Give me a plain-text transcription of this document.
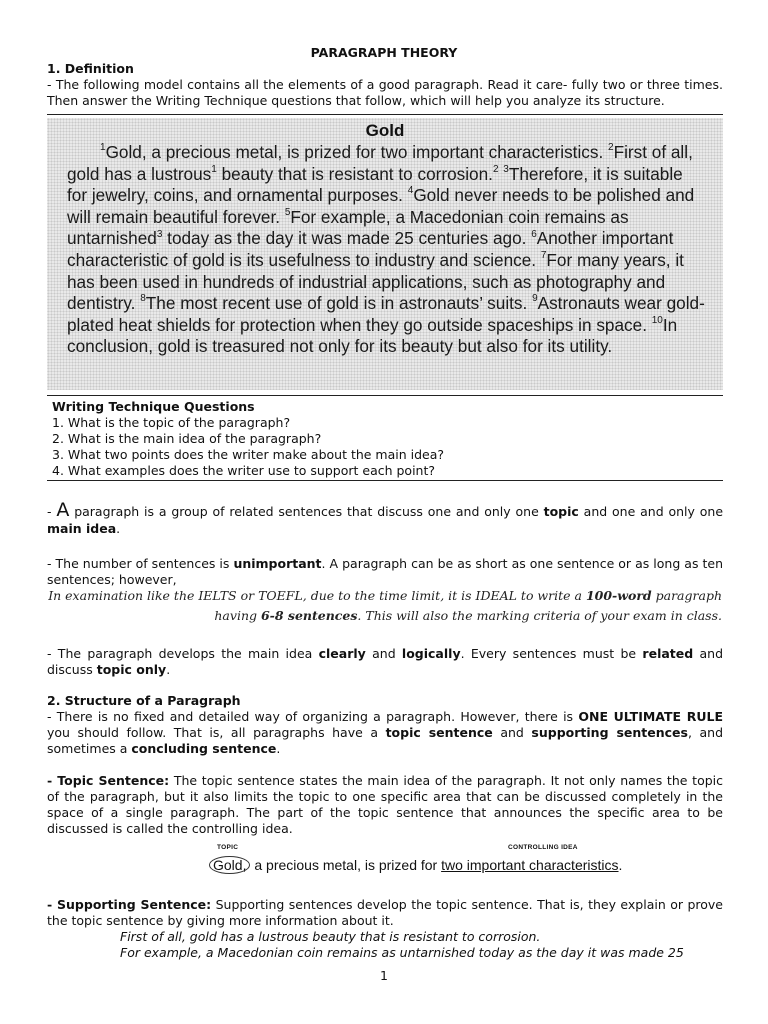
PARAGRAPH THEORY
1. Definition
- The following model contains all the elements of a good paragraph. Read it care- fully two or three times. Then answer the Writing Technique questions that follow, which will help you analyze its structure.
Gold
$^1$Gold, a precious metal, is prized for two important characteristics. $^2$First of all, gold has a lustrous$^1$ beauty that is resistant to corrosion.$^2$ $^3$Therefore, it is suitable for jewelry, coins, and ornamental purposes. $^4$Gold never needs to be polished and will remain beautiful forever. $^5$For example, a Macedonian coin remains as untarnished$^3$ today as the day it was made 25 centuries ago. $^6$Another important characteristic of gold is its usefulness to industry and science. $^7$For many years, it has been used in hundreds of industrial applications, such as photography and dentistry. $^8$The most recent use of gold is in astronauts’ suits. $^9$Astronauts wear gold-plated heat shields for protection when they go outside spaceships in space. $^{10}$In conclusion, gold is treasured not only for its beauty but also for its utility.
Writing Technique Questions
1. What is the topic of the paragraph?
2. What is the main idea of the paragraph?
3. What two points does the writer make about the main idea?
4. What examples does the writer use to support each point?
- A paragraph is a group of related sentences that discuss one and only one topic and one and only one main idea.
- The number of sentences is unimportant. A paragraph can be as short as one sentence or as long as ten sentences; however,
In examination like the IELTS or TOEFL, due to the time limit, it is IDEAL to write a 100-word paragraph
having 6-8 sentences. This will also the marking criteria of your exam in class.
- The paragraph develops the main idea clearly and logically. Every sentences must be related and discuss topic only.
2. Structure of a Paragraph
- There is no fixed and detailed way of organizing a paragraph. However, there is ONE ULTIMATE RULE you should follow. That is, all paragraphs have a topic sentence and supporting sentences, and sometimes a concluding sentence.
- Topic Sentence: The topic sentence states the main idea of the paragraph. It not only names the topic of the paragraph, but it also limits the topic to one specific area that can be discussed completely in the space of a single paragraph. The part of the topic sentence that announces the specific area to be discussed is called the controlling idea.
TOPIC	CONTROLLING IDEA
Gold, a precious metal, is prized for two important characteristics.
- Supporting Sentence: Supporting sentences develop the topic sentence. That is, they explain or prove the topic sentence by giving more information about it.
First of all, gold has a lustrous beauty that is resistant to corrosion.
For example, a Macedonian coin remains as untarnished today as the day it was made 25
1
